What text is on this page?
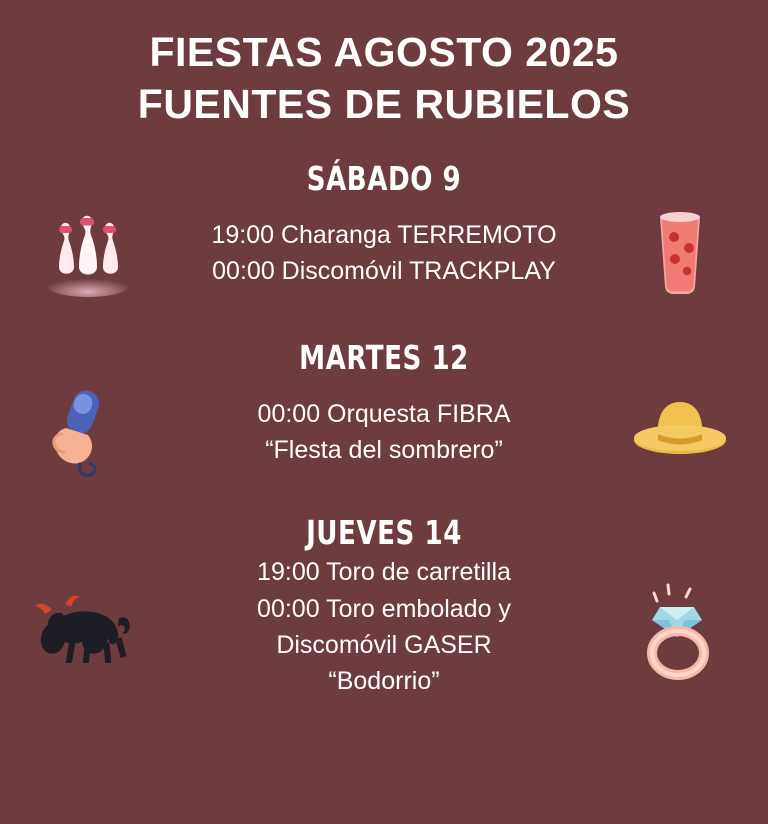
FIESTAS AGOSTO 2025
FUENTES DE RUBIELOS
SÁBADO 9
19:00 Charanga TERREMOTO
00:00 Discomóvil TRACKPLAY
MARTES 12
00:00 Orquesta FIBRA
“Flesta del sombrero”
JUEVES 14
19:00 Toro de carretilla
00:00 Toro embolado y
Discomóvil GASER
“Bodorrio”
